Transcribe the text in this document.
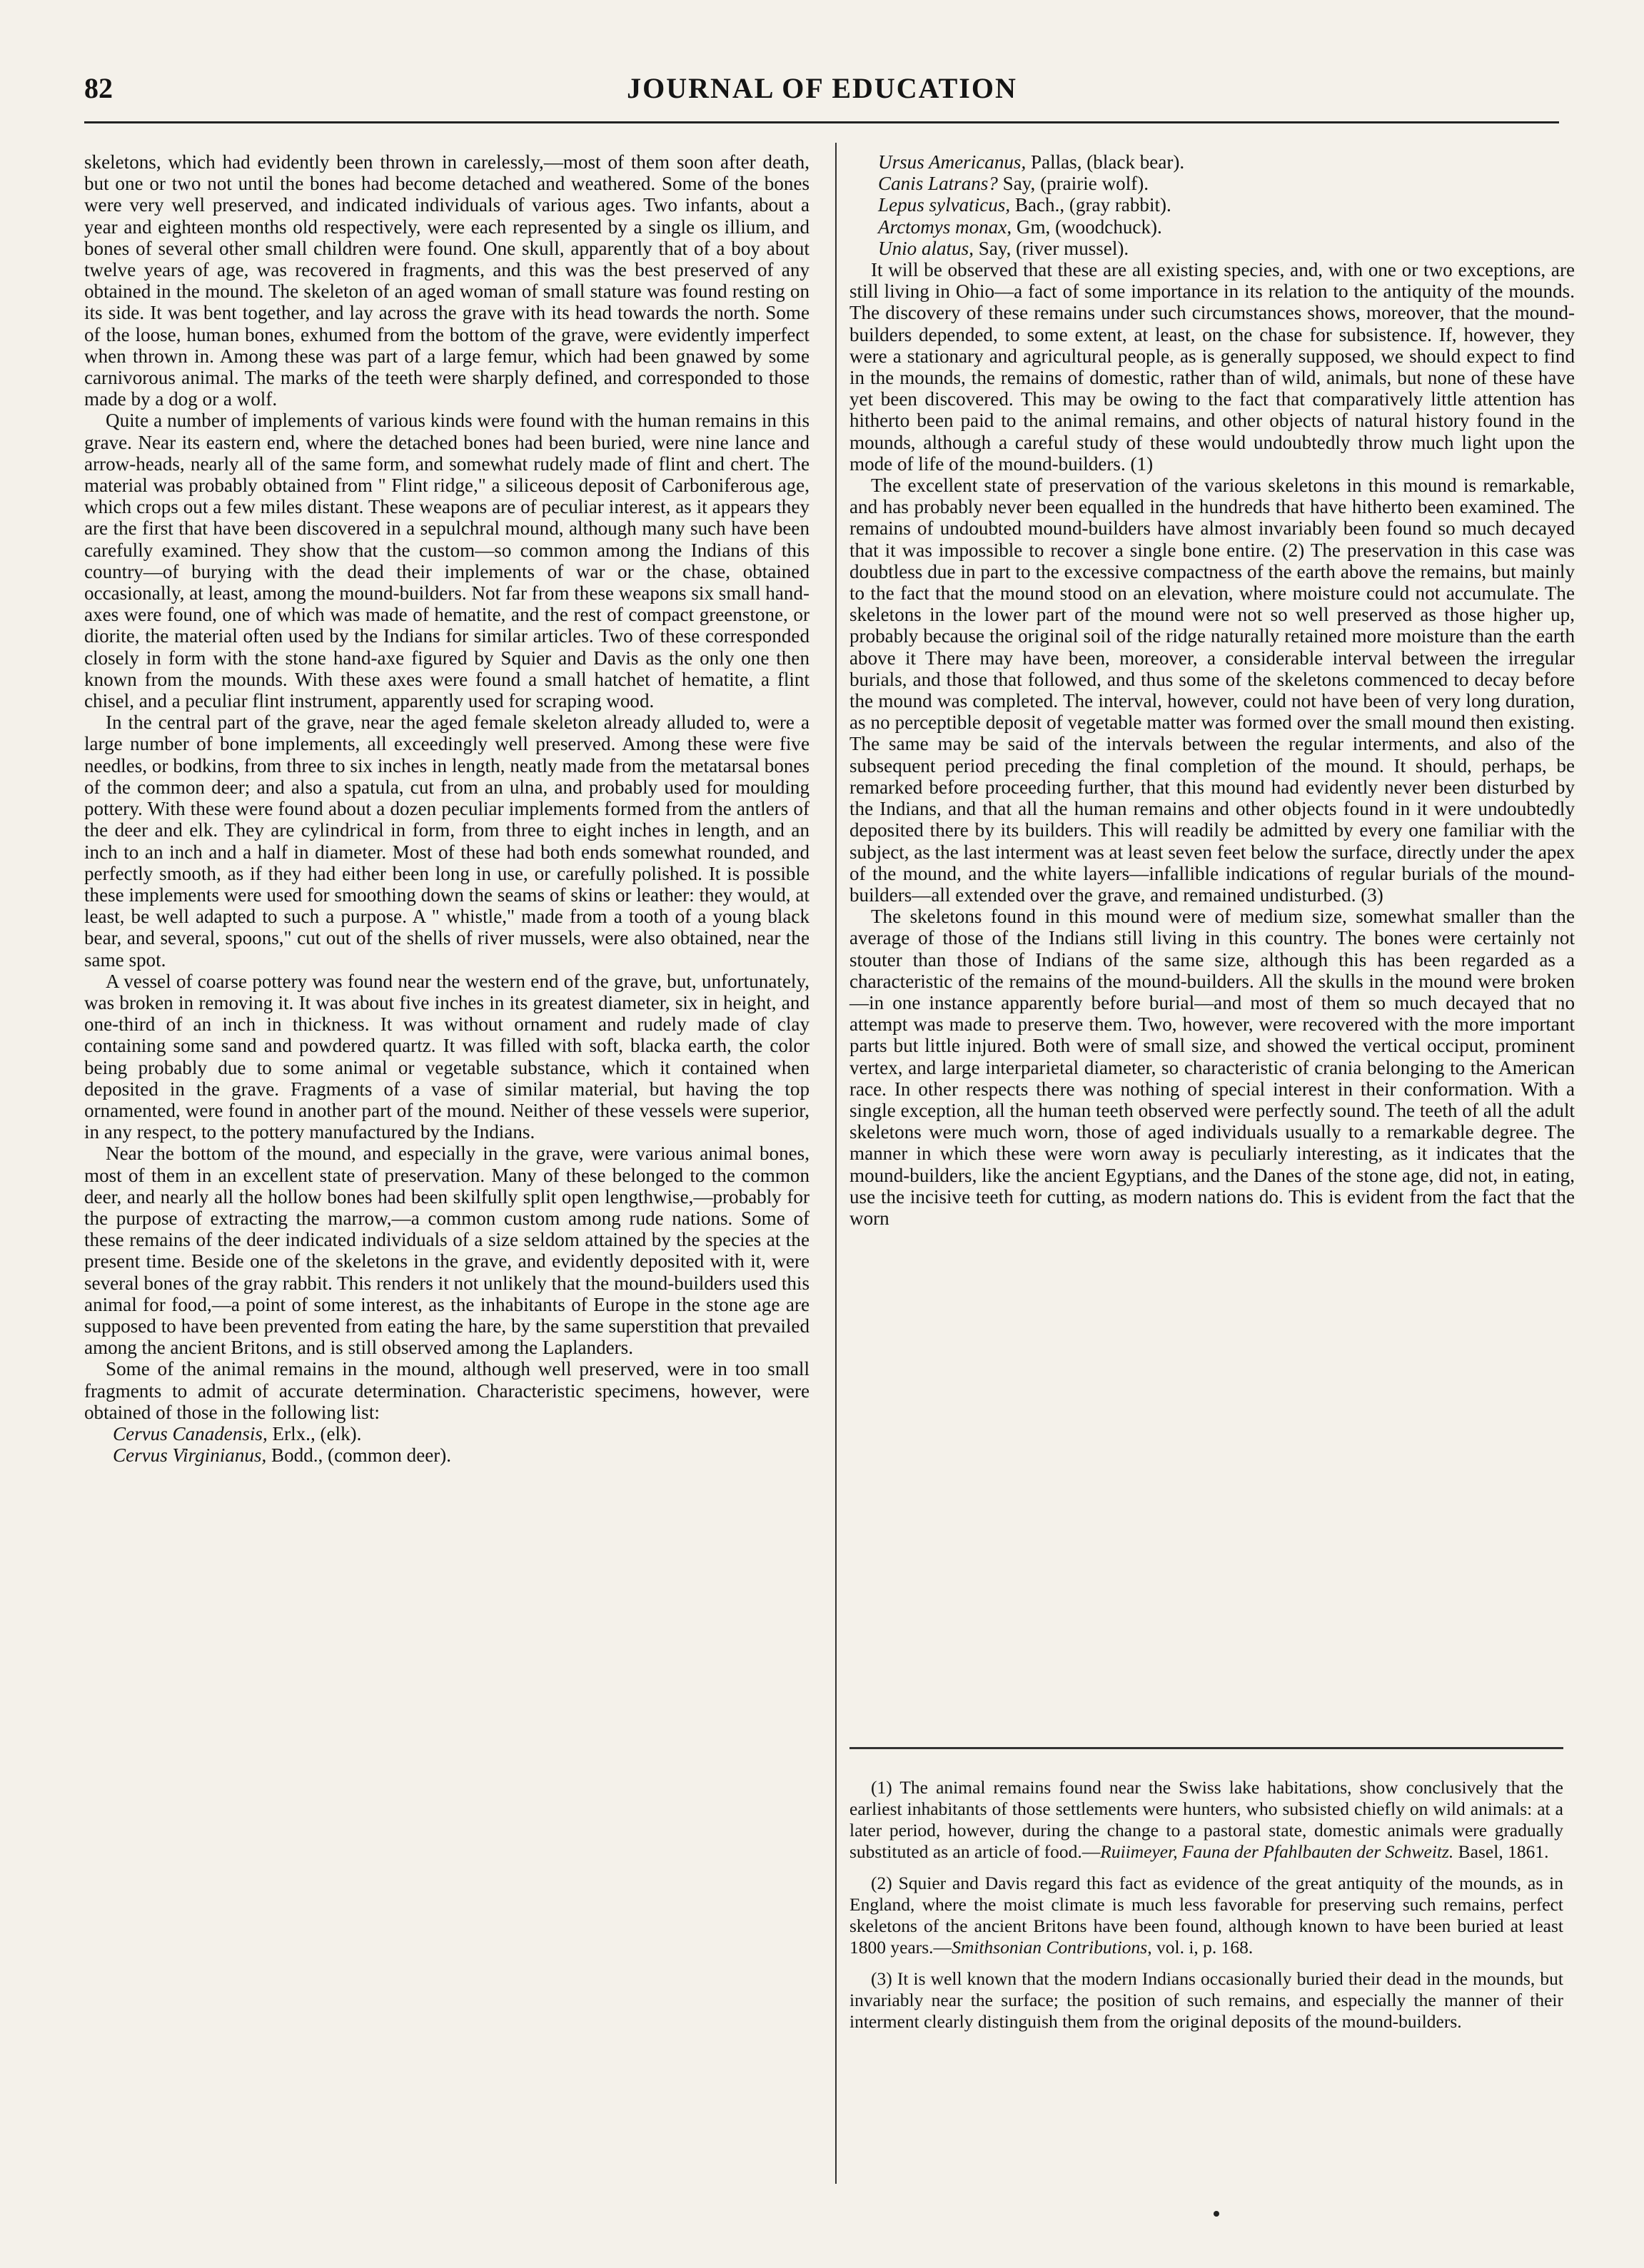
82	JOURNAL OF EDUCATION

skeletons, which had evidently been thrown in carelessly,—most of them soon after death, but one or two not until the bones had become detached and weathered. Some of the bones were very well preserved, and indicated individuals of various ages. Two infants, about a year and eighteen months old respectively, were each represented by a single os illium, and bones of several other small children were found. One skull, apparently that of a boy about twelve years of age, was recovered in fragments, and this was the best preserved of any obtained in the mound. The skeleton of an aged woman of small stature was found resting on its side. It was bent together, and lay across the grave with its head towards the north. Some of the loose, human bones, exhumed from the bottom of the grave, were evidently imperfect when thrown in. Among these was part of a large femur, which had been gnawed by some carnivorous animal. The marks of the teeth were sharply defined, and corresponded to those made by a dog or a wolf.

Quite a number of implements of various kinds were found with the human remains in this grave. Near its eastern end, where the detached bones had been buried, were nine lance and arrow-heads, nearly all of the same form, and somewhat rudely made of flint and chert. The material was probably obtained from " Flint ridge," a siliceous deposit of Carboniferous age, which crops out a few miles distant. These weapons are of peculiar interest, as it appears they are the first that have been discovered in a sepulchral mound, although many such have been carefully examined. They show that the custom—so common among the Indians of this country—of burying with the dead their implements of war or the chase, obtained occasionally, at least, among the mound-builders. Not far from these weapons six small hand-axes were found, one of which was made of hematite, and the rest of compact greenstone, or diorite, the material often used by the Indians for similar articles. Two of these corresponded closely in form with the stone hand-axe figured by Squier and Davis as the only one then known from the mounds. With these axes were found a small hatchet of hematite, a flint chisel, and a peculiar flint instrument, apparently used for scraping wood.

In the central part of the grave, near the aged female skeleton already alluded to, were a large number of bone implements, all exceedingly well preserved. Among these were five needles, or bodkins, from three to six inches in length, neatly made from the metatarsal bones of the common deer; and also a spatula, cut from an ulna, and probably used for moulding pottery. With these were found about a dozen peculiar implements formed from the antlers of the deer and elk. They are cylindrical in form, from three to eight inches in length, and an inch to an inch and a half in diameter. Most of these had both ends somewhat rounded, and perfectly smooth, as if they had either been long in use, or carefully polished. It is possible these implements were used for smoothing down the seams of skins or leather: they would, at least, be well adapted to such a purpose. A " whistle," made from a tooth of a young black bear, and several, spoons," cut out of the shells of river mussels, were also obtained, near the same spot.

A vessel of coarse pottery was found near the western end of the grave, but, unfortunately, was broken in removing it. It was about five inches in its greatest diameter, six in height, and one-third of an inch in thickness. It was without ornament and rudely made of clay containing some sand and powdered quartz. It was filled with soft, blacka earth, the color being probably due to some animal or vegetable substance, which it contained when deposited in the grave. Fragments of a vase of similar material, but having the top ornamented, were found in another part of the mound. Neither of these vessels were superior, in any respect, to the pottery manufactured by the Indians.

Near the bottom of the mound, and especially in the grave, were various animal bones, most of them in an excellent state of preservation. Many of these belonged to the common deer, and nearly all the hollow bones had been skilfully split open lengthwise,—probably for the purpose of extracting the marrow,—a common custom among rude nations. Some of these remains of the deer indicated individuals of a size seldom attained by the species at the present time. Beside one of the skeletons in the grave, and evidently deposited with it, were several bones of the gray rabbit. This renders it not unlikely that the mound-builders used this animal for food,—a point of some interest, as the inhabitants of Europe in the stone age are supposed to have been prevented from eating the hare, by the same superstition that prevailed among the ancient Britons, and is still observed among the Laplanders.

Some of the animal remains in the mound, although well preserved, were in too small fragments to admit of accurate determination. Characteristic specimens, however, were obtained of those in the following list:

Cervus Canadensis, Erlx., (elk).
Cervus Virginianus, Bodd., (common deer).
Ursus Americanus, Pallas, (black bear).
Canis Latrans? Say, (prairie wolf).
Lepus sylvaticus, Bach., (gray rabbit).
Arctomys monax, Gm, (woodchuck).
Unio alatus, Say, (river mussel).

It will be observed that these are all existing species, and, with one or two exceptions, are still living in Ohio—a fact of some importance in its relation to the antiquity of the mounds. The discovery of these remains under such circumstances shows, moreover, that the mound-builders depended, to some extent, at least, on the chase for subsistence. If, however, they were a stationary and agricultural people, as is generally supposed, we should expect to find in the mounds, the remains of domestic, rather than of wild, animals, but none of these have yet been discovered. This may be owing to the fact that comparatively little attention has hitherto been paid to the animal remains, and other objects of natural history found in the mounds, although a careful study of these would undoubtedly throw much light upon the mode of life of the mound-builders. (1)

The excellent state of preservation of the various skeletons in this mound is remarkable, and has probably never been equalled in the hundreds that have hitherto been examined. The remains of undoubted mound-builders have almost invariably been found so much decayed that it was impossible to recover a single bone entire. (2) The preservation in this case was doubtless due in part to the excessive compactness of the earth above the remains, but mainly to the fact that the mound stood on an elevation, where moisture could not accumulate. The skeletons in the lower part of the mound were not so well preserved as those higher up, probably because the original soil of the ridge naturally retained more moisture than the earth above it There may have been, moreover, a considerable interval between the irregular burials, and those that followed, and thus some of the skeletons commenced to decay before the mound was completed. The interval, however, could not have been of very long duration, as no perceptible deposit of vegetable matter was formed over the small mound then existing. The same may be said of the intervals between the regular interments, and also of the subsequent period preceding the final completion of the mound. It should, perhaps, be remarked before proceeding further, that this mound had evidently never been disturbed by the Indians, and that all the human remains and other objects found in it were undoubtedly deposited there by its builders. This will readily be admitted by every one familiar with the subject, as the last interment was at least seven feet below the surface, directly under the apex of the mound, and the white layers—infallible indications of regular burials of the mound-builders—all extended over the grave, and remained undisturbed. (3)

The skeletons found in this mound were of medium size, somewhat smaller than the average of those of the Indians still living in this country. The bones were certainly not stouter than those of Indians of the same size, although this has been regarded as a characteristic of the remains of the mound-builders. All the skulls in the mound were broken—in one instance apparently before burial—and most of them so much decayed that no attempt was made to preserve them. Two, however, were recovered with the more important parts but little injured. Both were of small size, and showed the vertical occiput, prominent vertex, and large interparietal diameter, so characteristic of crania belonging to the American race. In other respects there was nothing of special interest in their conformation. With a single exception, all the human teeth observed were perfectly sound. The teeth of all the adult skeletons were much worn, those of aged individuals usually to a remarkable degree. The manner in which these were worn away is peculiarly interesting, as it indicates that the mound-builders, like the ancient Egyptians, and the Danes of the stone age, did not, in eating, use the incisive teeth for cutting, as modern nations do. This is evident from the fact that the worn

(1) The animal remains found near the Swiss lake habitations, show conclusively that the earliest inhabitants of those settlements were hunters, who subsisted chiefly on wild animals: at a later period, however, during the change to a pastoral state, domestic animals were gradually substituted as an article of food.—Ruiimeyer, Fauna der Pfahlbauten der Schweitz. Basel, 1861.

(2) Squier and Davis regard this fact as evidence of the great antiquity of the mounds, as in England, where the moist climate is much less favorable for preserving such remains, perfect skeletons of the ancient Britons have been found, although known to have been buried at least 1800 years.—Smithsonian Contributions, vol. i, p. 168.

(3) It is well known that the modern Indians occasionally buried their dead in the mounds, but invariably near the surface; the position of such remains, and especially the manner of their interment clearly distinguish them from the original deposits of the mound-builders.
